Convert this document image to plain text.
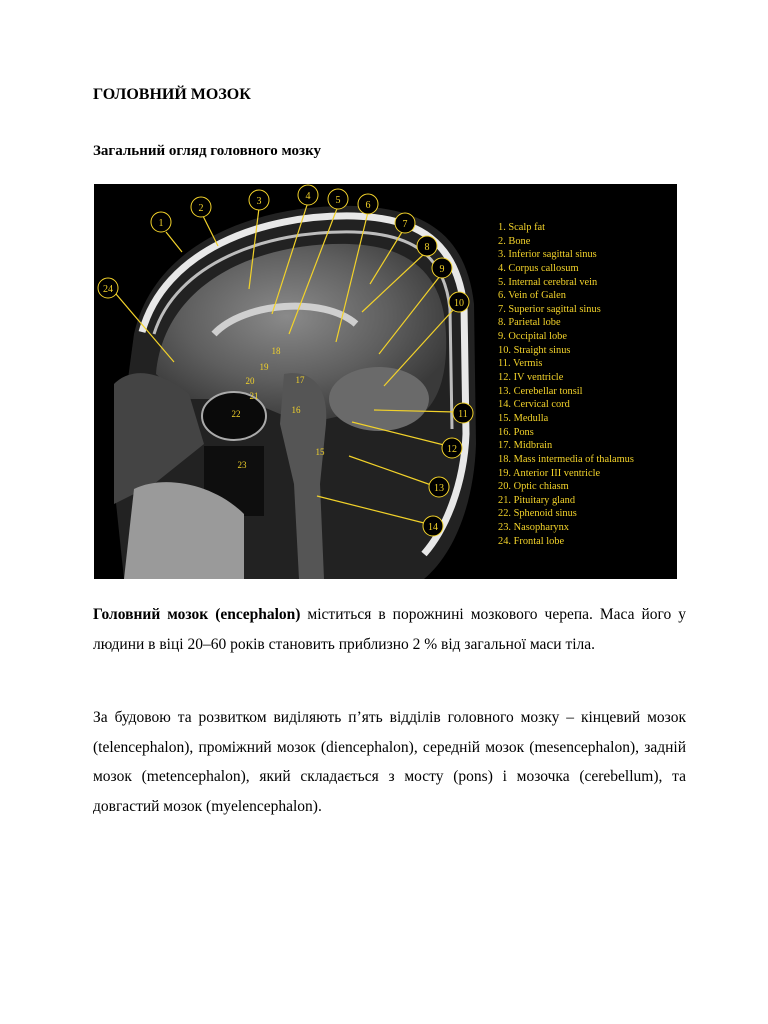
ГОЛОВНИЙ МОЗОК
Загальний огляд головного мозку
1
2
3	4	5	6
7
8
9
10
11
12
13
14
24
18
19
20
21
22
23
17
16
15
1. Scalp fat
2. Bone
3. Inferior sagittal sinus
4. Corpus callosum
5. Internal cerebral vein
6. Vein of Galen
7. Superior sagittal sinus
8. Parietal lobe
9. Occipital lobe
10. Straight sinus
11. Vermis
12. IV ventricle
13. Cerebellar tonsil
14. Cervical cord
15. Medulla
16. Pons
17. Midbrain
18. Mass intermedia of thalamus
19. Anterior III ventricle
20. Optic chiasm
21. Pituitary gland
22. Sphenoid sinus
23. Nasopharynx
24. Frontal lobe

Головний мозок (encephalon) міститься в порожнині мозкового черепа. Маса його у людини в віці 20–60 років становить приблизно 2 % від загальної маси тіла.

За будовою та розвитком виділяють п’ять відділів головного мозку – кінцевий мозок (telencephalon), проміжний мозок (diencephalon), середній мозок (mesencephalon), задній мозок (metencephalon), який складається з мосту (pons) і мозочка (cerebellum), та довгастий мозок (myelencephalon).
